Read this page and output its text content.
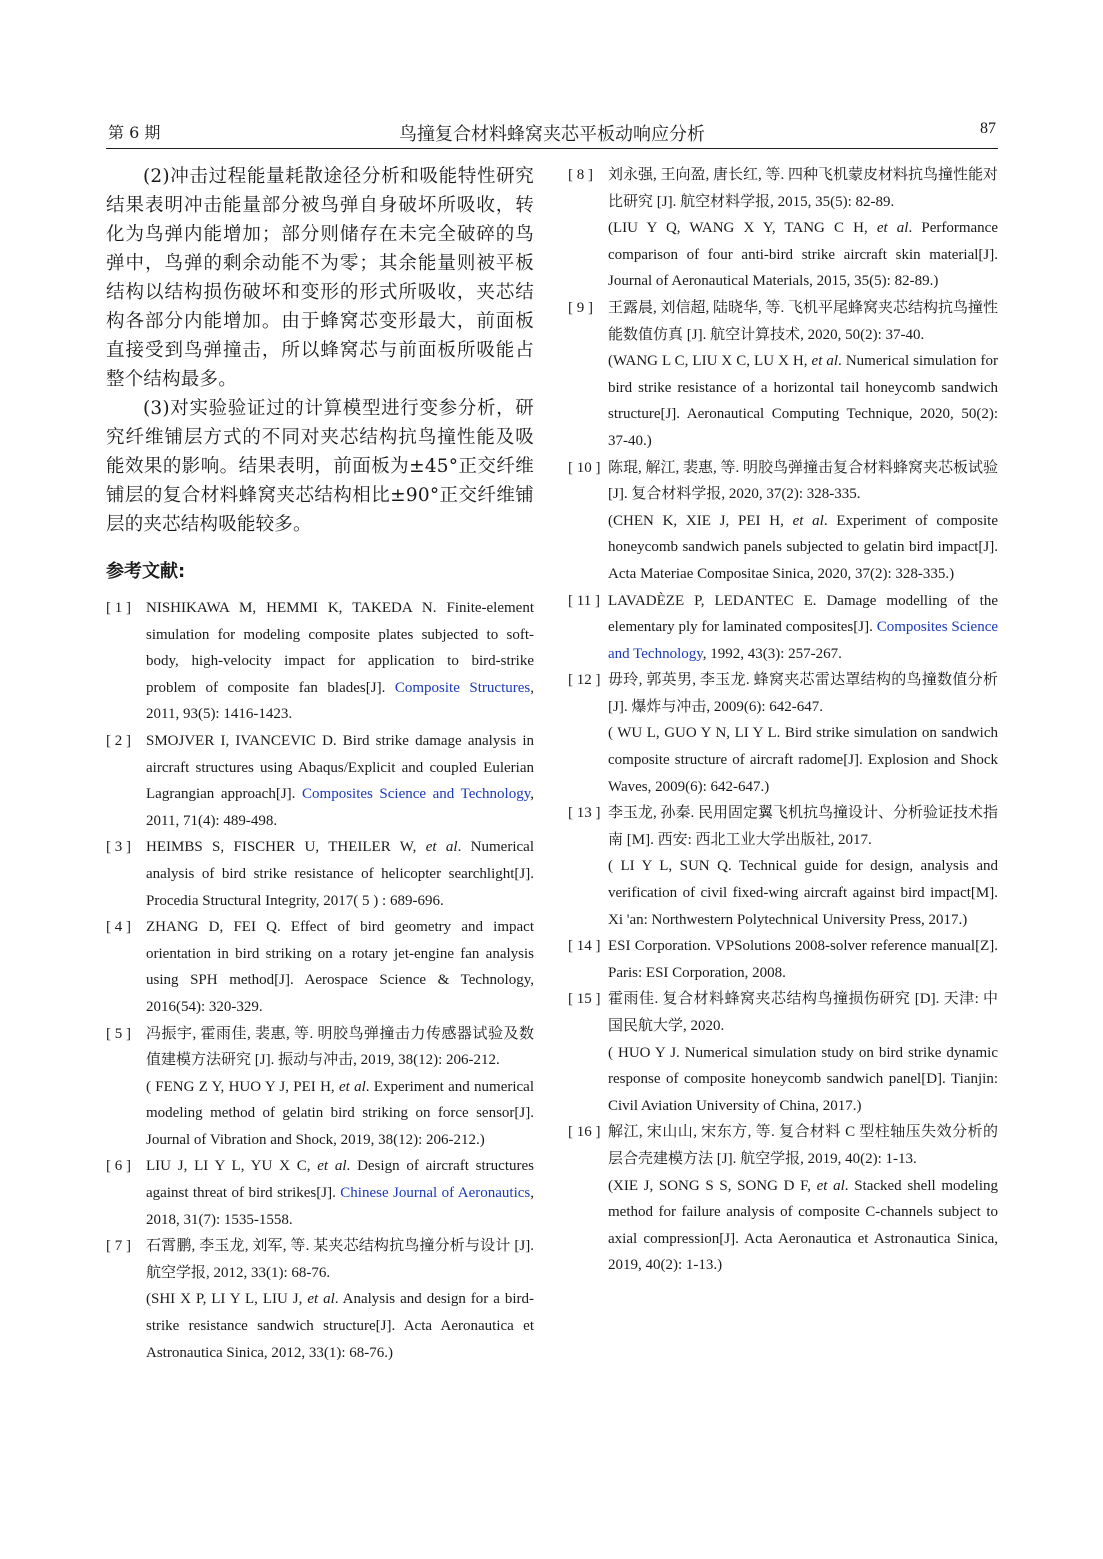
第 6 期	鸟撞复合材料蜂窝夹芯平板动响应分析	87

(2)冲击过程能量耗散途径分析和吸能特性研究结果表明冲击能量部分被鸟弹自身破坏所吸收，转化为鸟弹内能增加；部分则储存在未完全破碎的鸟弹中，鸟弹的剩余动能不为零；其余能量则被平板结构以结构损伤破坏和变形的形式所吸收，夹芯结构各部分内能增加。由于蜂窝芯变形最大，前面板直接受到鸟弹撞击，所以蜂窝芯与前面板所吸能占整个结构最多。

(3)对实验验证过的计算模型进行变参分析，研究纤维铺层方式的不同对夹芯结构抗鸟撞性能及吸能效果的影响。结果表明，前面板为±45°正交纤维铺层的复合材料蜂窝夹芯结构相比±90°正交纤维铺层的夹芯结构吸能较多。

参考文献:
[ 1 ] NISHIKAWA M, HEMMI K, TAKEDA N. Finite-element simulation for modeling composite plates subjected to soft-body, high-velocity impact for application to bird-strike problem of composite fan blades[J]. Composite Structures, 2011, 93(5): 1416-1423.
[ 2 ] SMOJVER I, IVANCEVIC D. Bird strike damage analysis in aircraft structures using Abaqus/Explicit and coupled Eulerian Lagrangian approach[J]. Composites Science and Technology, 2011, 71(4): 489-498.
[ 3 ] HEIMBS S, FISCHER U, THEILER W, et al. Numerical analysis of bird strike resistance of helicopter searchlight[J]. Procedia Structural Integrity, 2017( 5 ) : 689-696.
[ 4 ] ZHANG D, FEI Q. Effect of bird geometry and impact orientation in bird striking on a rotary jet-engine fan analysis using SPH method[J]. Aerospace Science & Technology, 2016(54): 320-329.
[ 5 ] 冯振宇, 霍雨佳, 裴惠, 等. 明胶鸟弹撞击力传感器试验及数值建模方法研究 [J]. 振动与冲击, 2019, 38(12): 206-212.

( FENG Z Y, HUO Y J, PEI H, et al. Experiment and numerical modeling method of gelatin bird striking on force sensor[J]. Journal of Vibration and Shock, 2019, 38(12): 206-212.)

[ 6 ] LIU J, LI Y L, YU X C, et al. Design of aircraft structures against threat of bird strikes[J]. Chinese Journal of Aeronautics, 2018, 31(7): 1535-1558.
[ 7 ] 石霄鹏, 李玉龙, 刘军, 等. 某夹芯结构抗鸟撞分析与设计 [J]. 航空学报, 2012, 33(1): 68-76.

(SHI X P, LI Y L, LIU J, et al. Analysis and design for a bird-strike resistance sandwich structure[J]. Acta Aeronautica et Astronautica Sinica, 2012, 33(1): 68-76.)

[ 8 ] 刘永强, 王向盈, 唐长红, 等. 四种飞机蒙皮材料抗鸟撞性能对比研究 [J]. 航空材料学报, 2015, 35(5): 82-89.

(LIU Y Q, WANG X Y, TANG C H, et al. Performance comparison of four anti-bird strike aircraft skin material[J]. Journal of Aeronautical Materials, 2015, 35(5): 82-89.)

[ 9 ] 王露晨, 刘信超, 陆晓华, 等. 飞机平尾蜂窝夹芯结构抗鸟撞性能数值仿真 [J]. 航空计算技术, 2020, 50(2): 37-40.

(WANG L C, LIU X C, LU X H, et al. Numerical simulation for bird strike resistance of a horizontal tail honeycomb sandwich structure[J]. Aeronautical Computing Technique, 2020, 50(2): 37-40.)

[ 10 ] 陈琨, 解江, 裴惠, 等. 明胶鸟弹撞击复合材料蜂窝夹芯板试验 [J]. 复合材料学报, 2020, 37(2): 328-335.

(CHEN K, XIE J, PEI H, et al. Experiment of composite honeycomb sandwich panels subjected to gelatin bird impact[J]. Acta Materiae Compositae Sinica, 2020, 37(2): 328-335.)

[ 11 ] LAVADÈZE P, LEDANTEC E. Damage modelling of the elementary ply for laminated composites[J]. Composites Science and Technology, 1992, 43(3): 257-267.
[ 12 ] 毋玲, 郭英男, 李玉龙. 蜂窝夹芯雷达罩结构的鸟撞数值分析 [J]. 爆炸与冲击, 2009(6): 642-647.

( WU L, GUO Y N, LI Y L. Bird strike simulation on sandwich composite structure of aircraft radome[J]. Explosion and Shock Waves, 2009(6): 642-647.)

[ 13 ] 李玉龙, 孙秦. 民用固定翼飞机抗鸟撞设计、分析验证技术指南 [M]. 西安: 西北工业大学出版社, 2017.

( LI Y L, SUN Q. Technical guide for design, analysis and verification of civil fixed-wing aircraft against bird impact[M]. Xi 'an: Northwestern Polytechnical University Press, 2017.)

[ 14 ] ESI Corporation. VPSolutions 2008-solver reference manual[Z]. Paris: ESI Corporation, 2008.
[ 15 ] 霍雨佳. 复合材料蜂窝夹芯结构鸟撞损伤研究 [D]. 天津: 中国民航大学, 2020.

( HUO Y J. Numerical simulation study on bird strike dynamic response of composite honeycomb sandwich panel[D]. Tianjin: Civil Aviation University of China, 2017.)

[ 16 ] 解江, 宋山山, 宋东方, 等. 复合材料 C 型柱轴压失效分析的层合壳建模方法 [J]. 航空学报, 2019, 40(2): 1-13.

(XIE J, SONG S S, SONG D F, et al. Stacked shell modeling method for failure analysis of composite C-channels subject to axial compression[J]. Acta Aeronautica et Astronautica Sinica, 2019, 40(2): 1-13.)
